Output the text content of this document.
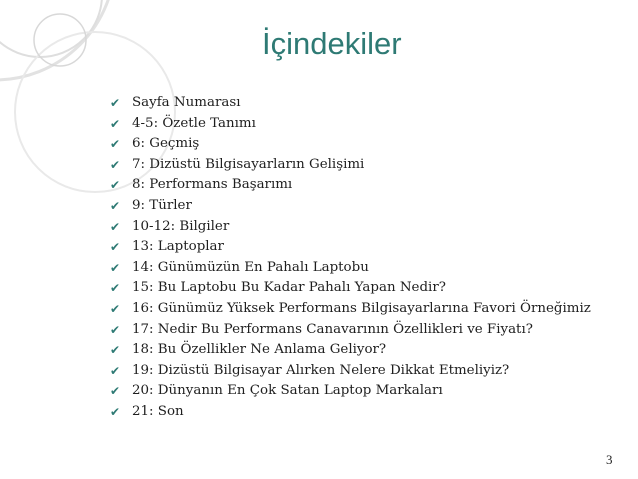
İçindekiler
✔ Sayfa Numarası
✔ 4-5: Özetle Tanımı
✔ 6: Geçmiş
✔ 7: Dizüstü Bilgisayarların Gelişimi
✔ 8: Performans Başarımı
✔ 9: Türler
✔ 10-12: Bilgiler
✔ 13: Laptoplar
✔ 14: Günümüzün En Pahalı Laptobu
✔ 15: Bu Laptobu Bu Kadar Pahalı Yapan Nedir?
✔ 16: Günümüz Yüksek Performans Bilgisayarlarına Favori Örneğimiz
✔ 17: Nedir Bu Performans Canavarının Özellikleri ve Fiyatı?
✔ 18: Bu Özellikler Ne Anlama Geliyor?
✔ 19: Dizüstü Bilgisayar Alırken Nelere Dikkat Etmeliyiz?
✔ 20: Dünyanın En Çok Satan Laptop Markaları
✔ 21: Son
3
